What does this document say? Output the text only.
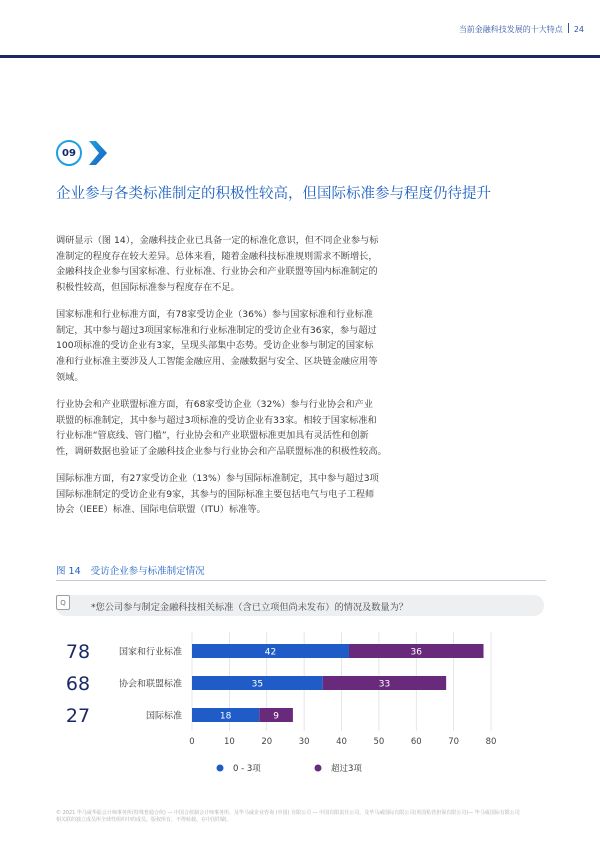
当前金融科技发展的十大特点 24
09
企业参与各类标准制定的积极性较高，但国际标准参与程度仍待提升
调研显示（图 14），金融科技企业已具备一定的标准化意识，但不同企业参与标
准制定的程度存在较大差异。总体来看，随着金融科技标准规则需求不断增长，
金融科技企业参与国家标准、行业标准、行业协会和产业联盟等国内标准制定的
积极性较高，但国际标准参与程度存在不足。
国家标准和行业标准方面，有78家受访企业（36%）参与国家标准和行业标准
制定，其中参与超过3项国家标准和行业标准制定的受访企业有36家，参与超过
100项标准的受访企业有3家，呈现头部集中态势。受访企业参与制定的国家标
准和行业标准主要涉及人工智能金融应用、金融数据与安全、区块链金融应用等
领域。
行业协会和产业联盟标准方面，有68家受访企业（32%）参与行业协会和产业
联盟的标准制定，其中参与超过3项标准的受访企业有33家。相较于国家标准和
行业标准“管底线、管门槛”，行业协会和产业联盟标准更加具有灵活性和创新
性，调研数据也验证了金融科技企业参与行业协会和产品联盟标准的积极性较高。
国际标准方面，有27家受访企业（13%）参与国际标准制定，其中参与超过3项
国际标准制定的受访企业有9家，其参与的国际标准主要包括电气与电子工程师
协会（IEEE）标准、国际电信联盟（ITU）标准等。
图 14 受访企业参与标准制定情况
Q	*您公司参与制定金融科技相关标准（含已立项但尚未发布）的情况及数量为？
78	国家和行业标准	42	36
68	协会和联盟标准	35	33
27	国际标准	18	9
0	10	20	30	40	50	60	70	80
0 - 3项	超过3项
© 2021 毕马威华振会计师事务所(特殊普通合伙) — 中国合伙制会计师事务所，及毕马威企业咨询 (中国) 有限公司 — 中国有限责任公司，及毕马威国际有限公司(英国私营担保有限公司)— 毕马威国际有限公司
相关联的独立成员所全球性组织中的成员。版权所有，不得转载。在中国印刷。
